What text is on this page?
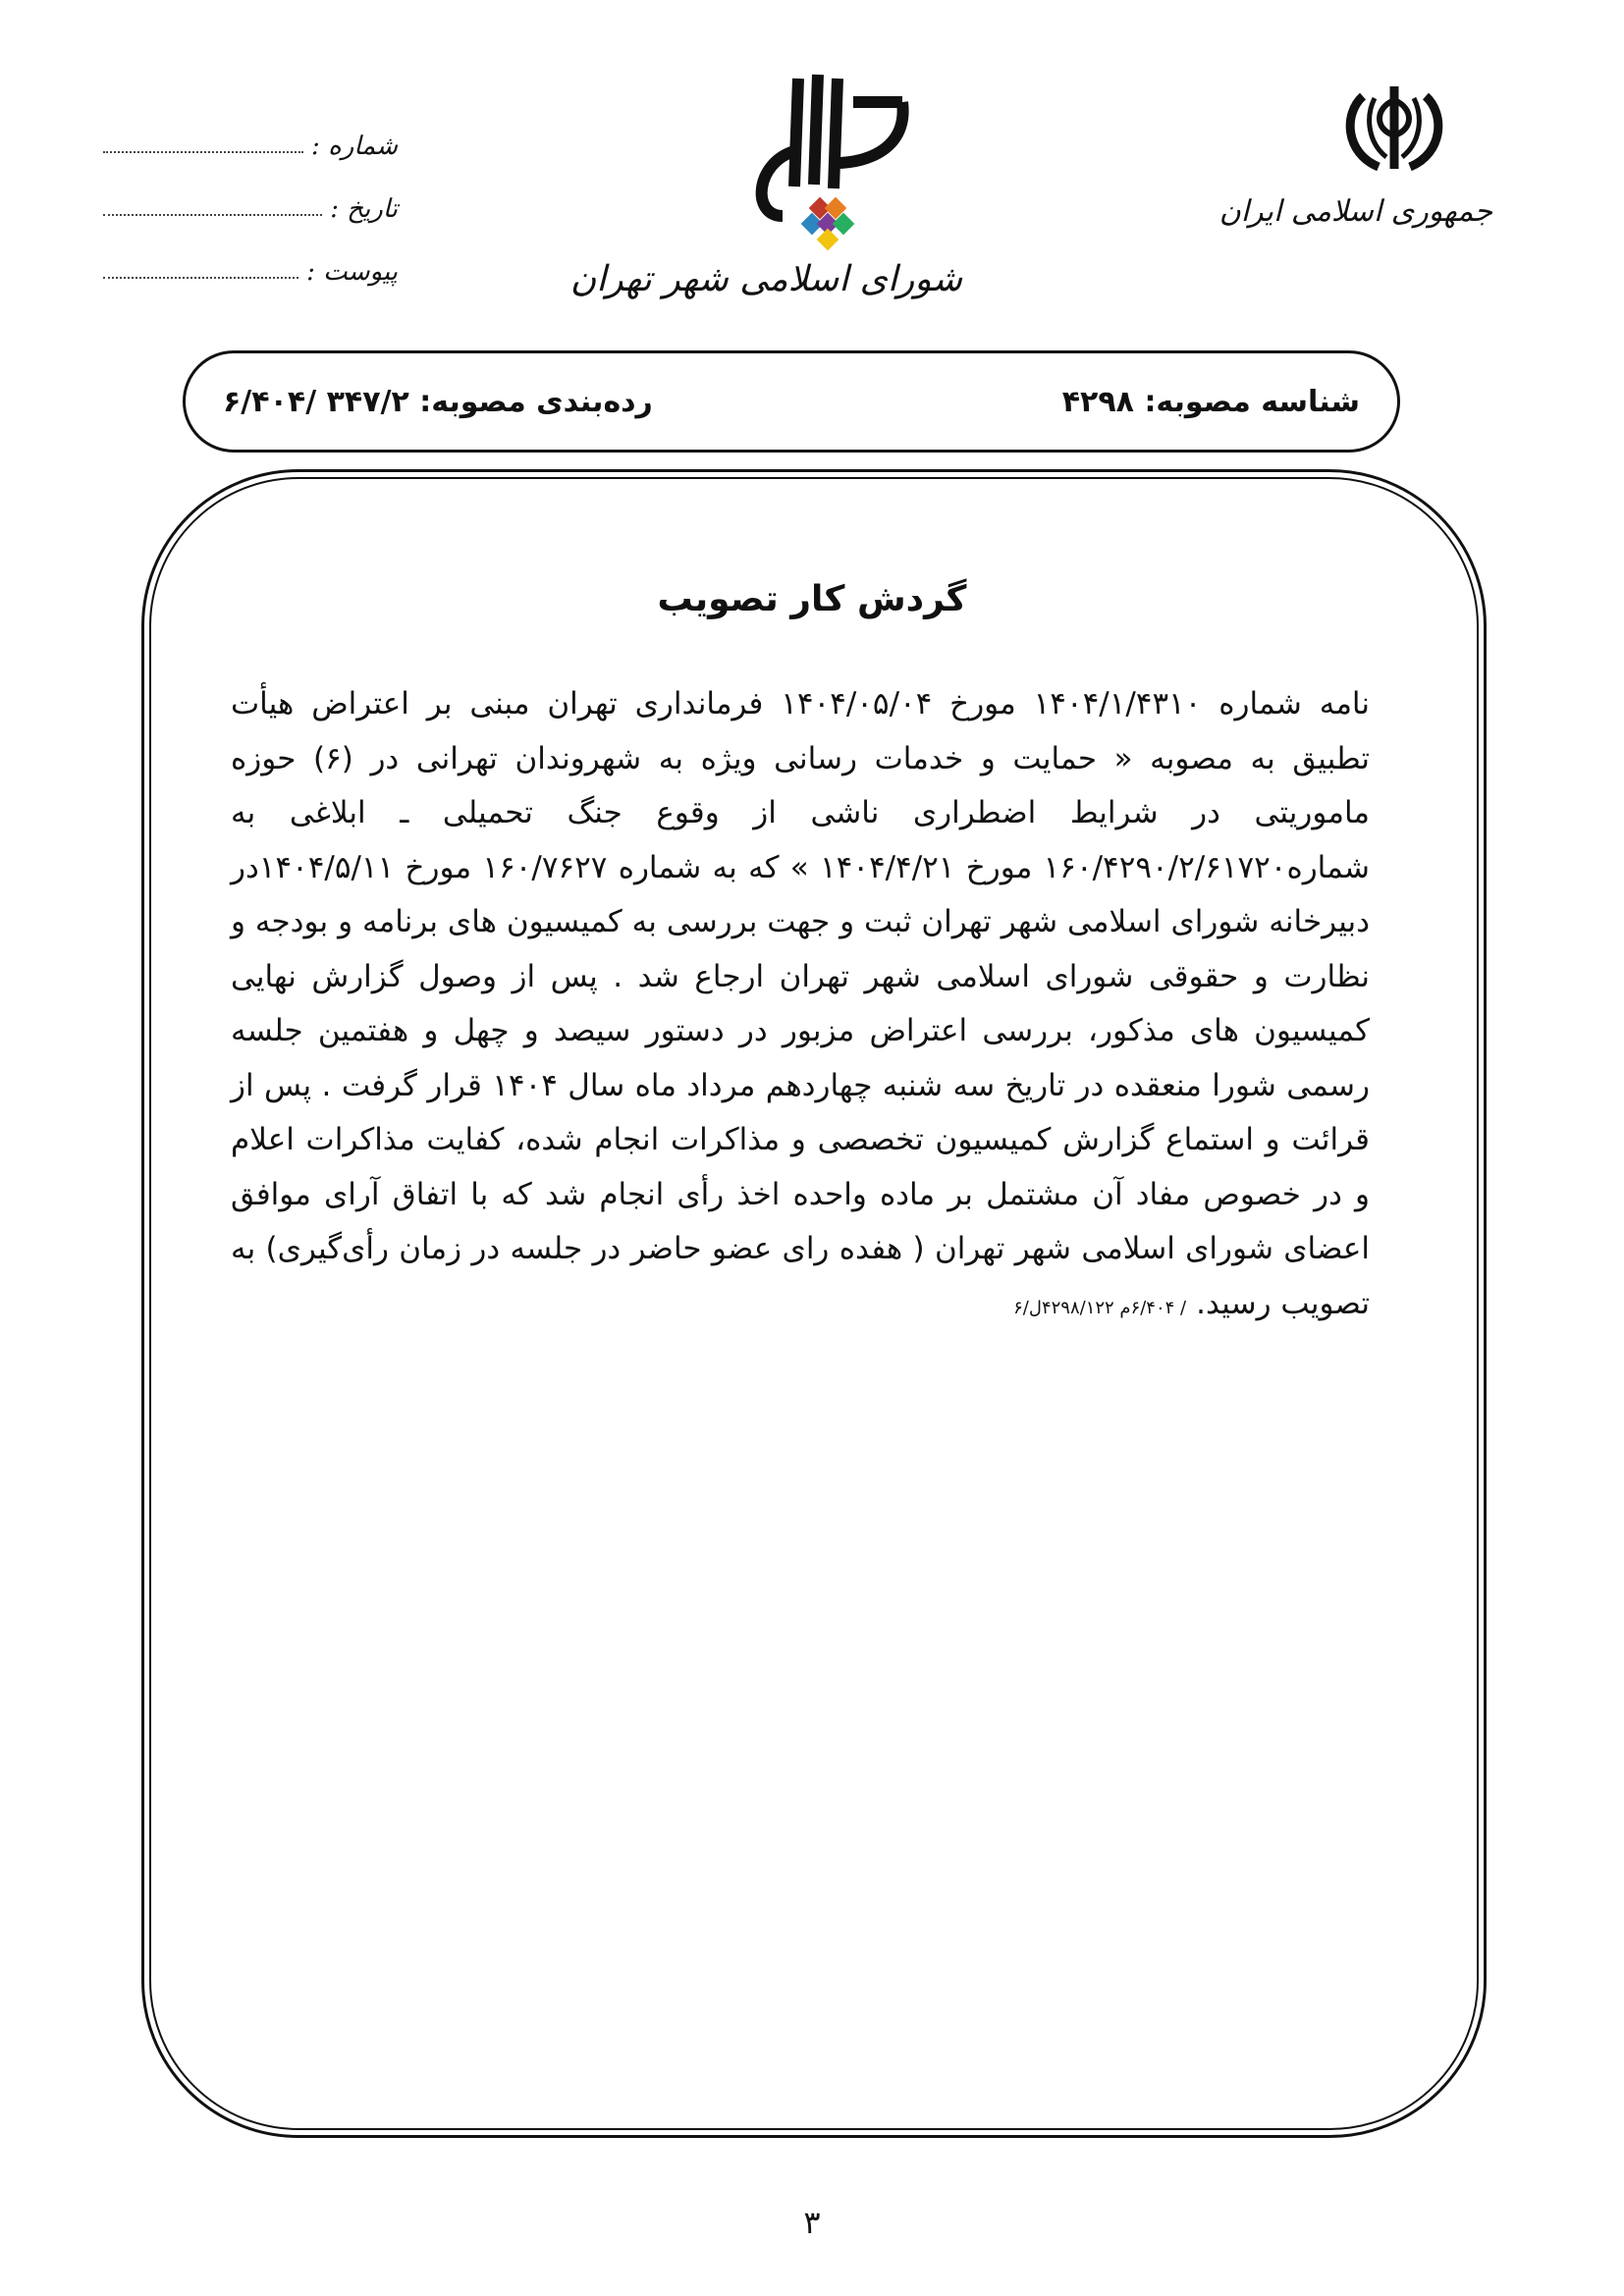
جمهوری اسلامی ایران
شورای اسلامی شهر تهران
شماره :
تاریخ :
پیوست :
شناسه مصوبه: ۴۲۹۸
رده‌بندی مصوبه: ۳۴۷/۲ /۶/۴۰۴
گردش کار تصویب
نامه شماره ۱۴۰۴/۱/۴۳۱۰ مورخ ۱۴۰۴/۰۵/۰۴ فرمانداری تهران مبنی بر اعتراض هیأت تطبیق به مصوبه « حمایت و خدمات رسانی ویژه به شهروندان تهرانی در (۶) حوزه ماموریتی در شرایط اضطراری ناشی از وقوع جنگ تحمیلی ـ ابلاغی به شماره۱۶۰/۴۲۹۰/۲/۶۱۷۲۰ مورخ ۱۴۰۴/۴/۲۱ » که به شماره ۱۶۰/۷۶۲۷ مورخ ۱۴۰۴/۵/۱۱در دبیرخانه شورای اسلامی شهر تهران ثبت و جهت بررسی به کمیسیون های برنامه و بودجه و نظارت و حقوقی شورای اسلامی شهر تهران ارجاع شد . پس از وصول گزارش نهایی کمیسیون های مذکور، بررسی اعتراض مزبور در دستور سیصد و چهل و هفتمین جلسه رسمی شورا منعقده در تاریخ سه شنبه چهاردهم مرداد ماه سال ۱۴۰۴ قرار گرفت . پس از قرائت و استماع گزارش کمیسیون تخصصی و مذاکرات انجام شده، کفایت مذاکرات اعلام و در خصوص مفاد آن مشتمل بر ماده واحده اخذ رأی انجام شد که با اتفاق آرای موافق اعضای شورای اسلامی شهر تهران ( هفده رای عضو حاضر در جلسه در زمان رأی‌گیری) به تصویب رسید./ ۶/۴۰۴م ۴۲۹۸/۱۲۲ل/۶
۳
